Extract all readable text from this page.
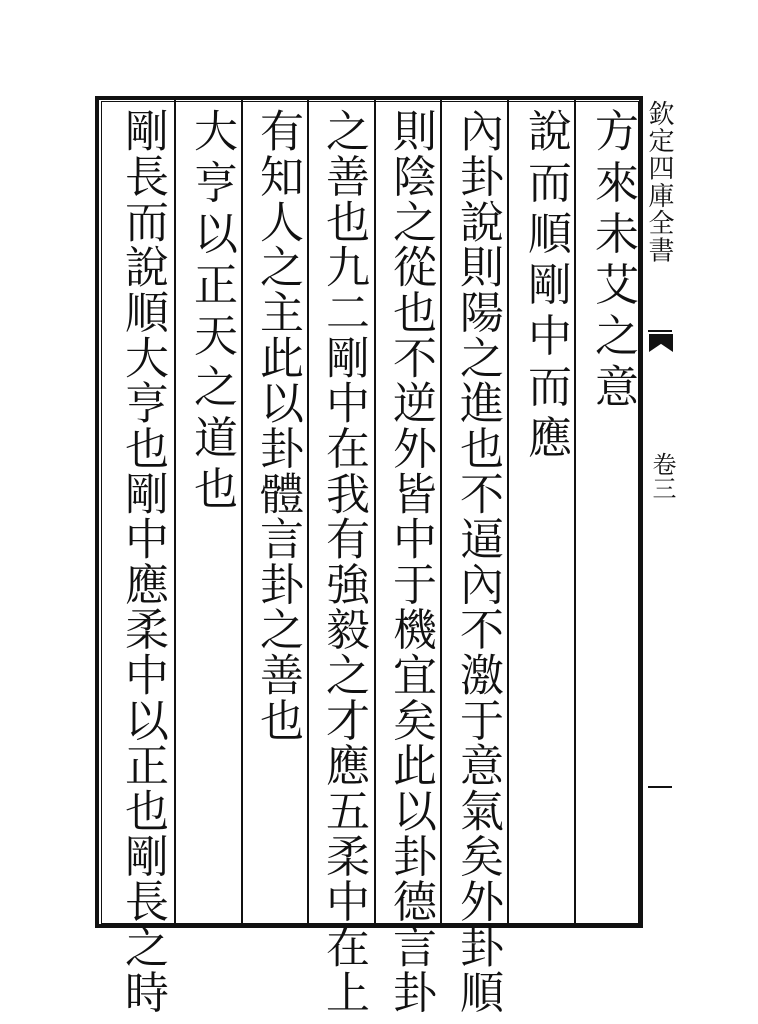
方來未艾之意
說而順剛中而應
內卦說則陽之進也不逼內不激于意氣矣外卦順
則陰之從也不逆外皆中于機宜矣此以卦德言卦
之善也九二剛中在我有強毅之才應五柔中在上
有知人之主此以卦體言卦之善也
大亨以正天之道也
剛長而說順大亨也剛中應柔中以正也剛長之時	欽定四庫全書
卷三
